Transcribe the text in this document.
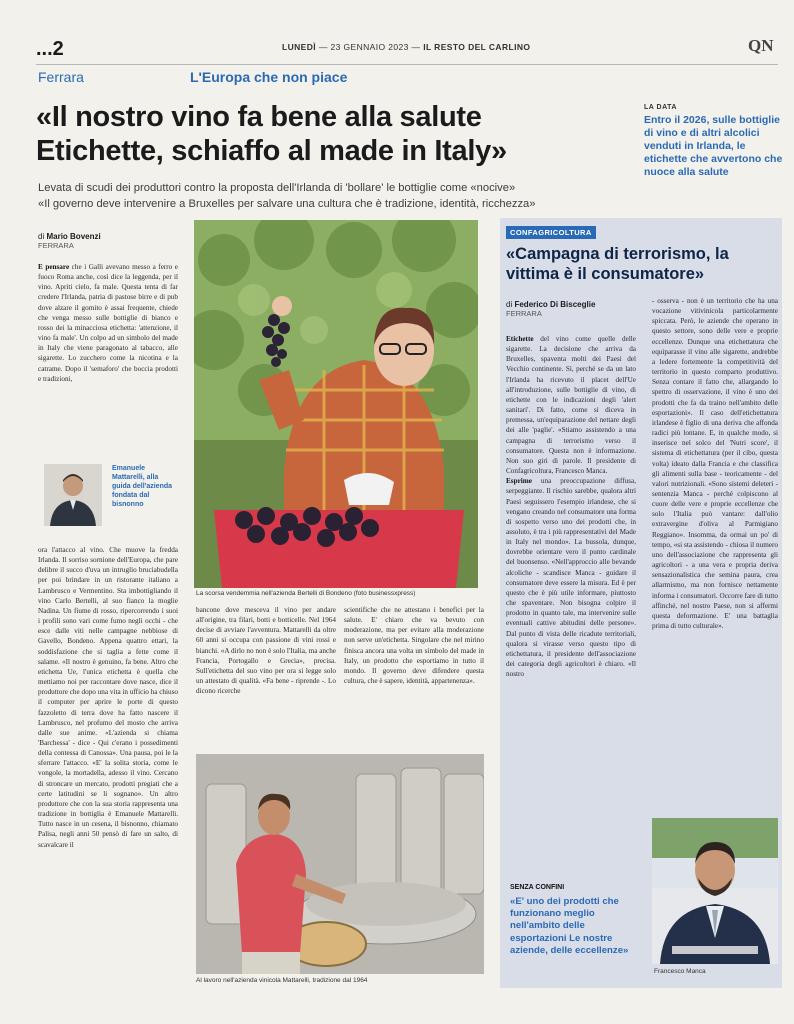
...2	LUNEDÌ — 23 GENNAIO 2023 — IL RESTO DEL CARLINO	QN
Ferrara	L'Europa che non piace
«Il nostro vino fa bene alla salute
Etichette, schiaffo al made in Italy»
Levata di scudi dei produttori contro la proposta dell'Irlanda di 'bollare' le bottiglie come «nocive»
«Il governo deve intervenire a Bruxelles per salvare una cultura che è tradizione, identità, ricchezza»
LA DATA
Entro il 2026, sulle bottiglie di vino e di altri alcolici venduti in Irlanda, le etichette che avvertono che nuoce alla salute
di Mario Bovenzi
FERRARA
E pensare che i Galli avevano messo a ferro e fuoco Roma anche, così dice la leggenda, per il vino. Apriti cielo, fa male. Questa tenta di far credere l'Irlanda, patria di pastose birre e di pub dove alzare il gomito è assai frequente, chiede che venga messo sulle bottiglie di bianco e rosso dei la minacciosa etichetta: 'attenzione, il vino fa male'. Un colpo ad un simbolo del made in Italy che viene paragonato al tabacco, alle sigarette. Lo zucchero come la nicotina e la catrame. Dopo il 'semaforo' che boccia prodotti e tradizioni,
Emanuele Mattarelli, alla guida dell'azienda fondata dal bisnonno
ora l'attacco al vino. Che muove la fredda Irlanda. Il sorriso sornione dell'Europa, che pare delibre il succo d'uva un intruglio bruciabudella per poi brindare in un ristorante italiano a Lambrusco e Vermentino. Sta imbottigliando il vino Carlo Bertelli, al suo fianco la moglie Nadina. Un fiume di rosso, ripercorrendo i suoi i profili sono vari come fumo negli occhi - che esce dalle viti nelle campagne nebbiose di Gavello, Bondeno. Appena quattro ettari, la soddisfazione che si taglia a fette come il salame. «Il nostro è genuino, fa bene. Altro che etichetta Ue, l'unica etichetta è quella che mettiamo noi per raccontare dove nasce, dice il produttore che dopo una vita in ufficio ha chiuso il computer per aprire le porte di questo fazzoletto di terra dove ha fatto nascere il Lambrusco, nel profumo del mosto che arriva dalle sue anime. «L'azienda si chiama 'Barchessa' - dice - Qui c'erano i possedimenti della contessa di Canossa». Una pausa, poi le la sferrare l'attacco. «E' la solita storia, come le vongole, la mortadella, adesso il vino. Cercano di stroncare un mercato, prodotti pregiati che a certe latitudini se li sognano». Un altro produttore che con la sua storia rappresenta una tradizione in bottiglia è Emanuele Mattarelli. Tutto nasce in un cesena, il bisnonno, chiamato Palisa, negli anni 50 pensò di fare un salto, di scavalcare il
La scorsa vendemmia nell'azienda Bertelli di Bondeno (foto businessxpress)
bancone dove mesceva il vino per andare all'origine, tra filari, botti e botticelle. Nel 1964 decise di avviare l'avventura. Mattarelli da oltre 60 anni si occupa con passione di vini rossi e bianchi. «A dirlo no non è solo l'Italia, ma anche Francia, Portogallo e Grecia», precisa. Sull'etichetta del suo vino per ora si legge solo un attestato di qualità. «Fa bene - riprende -. Lo dicono ricerche
scientifiche che ne attestano i benefici per la salute. E' chiaro che va bevuto con moderazione, ma per evitare alla moderazione non serve un'etichetta. Singolare che nel mirino finisca ancora una volta un simbolo del made in Italy, un prodotto che esportiamo in tutto il mondo. Il governo deve difendere questa cultura, che è sapere, identità, appartenenza».
Al lavoro nell'azienda vinicola Mattarelli, tradizione dal 1964
CONFAGRICOLTURA
«Campagna di terrorismo, la vittima è il consumatore»
di Federico Di Bisceglie
FERRARA
Etichette del vino come quelle delle sigarette. La decisione che arriva da Bruxelles, spaventa molti dei Paesi del Vecchio continente. Sì, perché se da un lato l'Irlanda ha ricevuto il placet dell'Ue all'introduzione, sulle bottiglie di vino, di etichette con le indicazioni degli 'alert sanitari'. Di fatto, come si diceva in premessa, un'equiparazione del nettare degli dei alle 'paglie'. «Stiamo assistendo a una campagna di terrorismo verso il consumatore. Questa non è informazione. Non suo giri di parole. Il presidente di Confagricoltura, Francesco Manca.
Esprime una preoccupazione diffusa, serpeggiante. Il rischio sarebbe, qualora altri Paesi seguissero l'esempio irlandese, che si vengano creando nel consumatore una forma di sospetto verso uno dei prodotti che, in assoluto, è tra i più rappresentativi del Made in Italy nel mondo». La bussola, dunque, dovrebbe orientare vero il punto cardinale del buonsenso. «Nell'approccio alle bevande alcoliche - scandisce Manca - guidare il consumatore deve essere la misura. Ed è per questo che è più utile informare, piuttosto che spaventare. Non bisogna colpire il prodotto in quanto tale, ma intervenire sulle eventuali cattive abitudini delle persone». Dal punto di vista delle ricadute territoriali, qualora si virasse verso questo tipo di etichettatura, il presidente dell'associazione dei categoria degli agricoltori è chiaro. «Il nostro
- osserva - non è un territorio che ha una vocazione vitivinicola particolarmente spiccata. Però, le aziende che operano in questo settore, sono delle vere e proprie eccellenze. Dunque una etichettatura che equiparasse il vino alle sigarette, andrebbe a ledere fortemente la competitività del territorio in questo comparto produttivo. Senza contare il fatto che, allargando lo spettro di osservazione, il vino è uno dei prodotti che fa da traino nell'ambito delle esportazioni». Il caso dell'etichettatura irlandese è figlio di una deriva che affonda radici più lontane. E, in qualche modo, si inserisce nel solco del 'Nutri score', il sistema di etichettatura (per il cibo, questa volta) ideato dalla Francia e che classifica gli alimenti sulla base - teoricamente - del valori nutrizionali. «Sono sistemi deleteri - sentenzia Manca - perché colpiscono al cuore delle vere e proprie eccellenze che solo l'Italia può vantare: dall'olio extravergine d'oliva al Parmigiano Reggiano». Insomma, da ormai un po' di tempo, «si sta assistendo - chiosa il numero uno dell'associazione che rappresenta gli agricoltori - a una vera e propria deriva sensazionalistica che semina paura, crea allarmismo, ma non fornisce nettamente informa i consumatori. Occorre fare di tutto affinché, nel nostro Paese, non si affermi questa deformazione. E' una battaglia prima di tutto culturale».
SENZA CONFINI
«E' uno dei prodotti che funzionano meglio nell'ambito delle esportazioni Le nostre aziende, delle eccellenze»
Francesco Manca
